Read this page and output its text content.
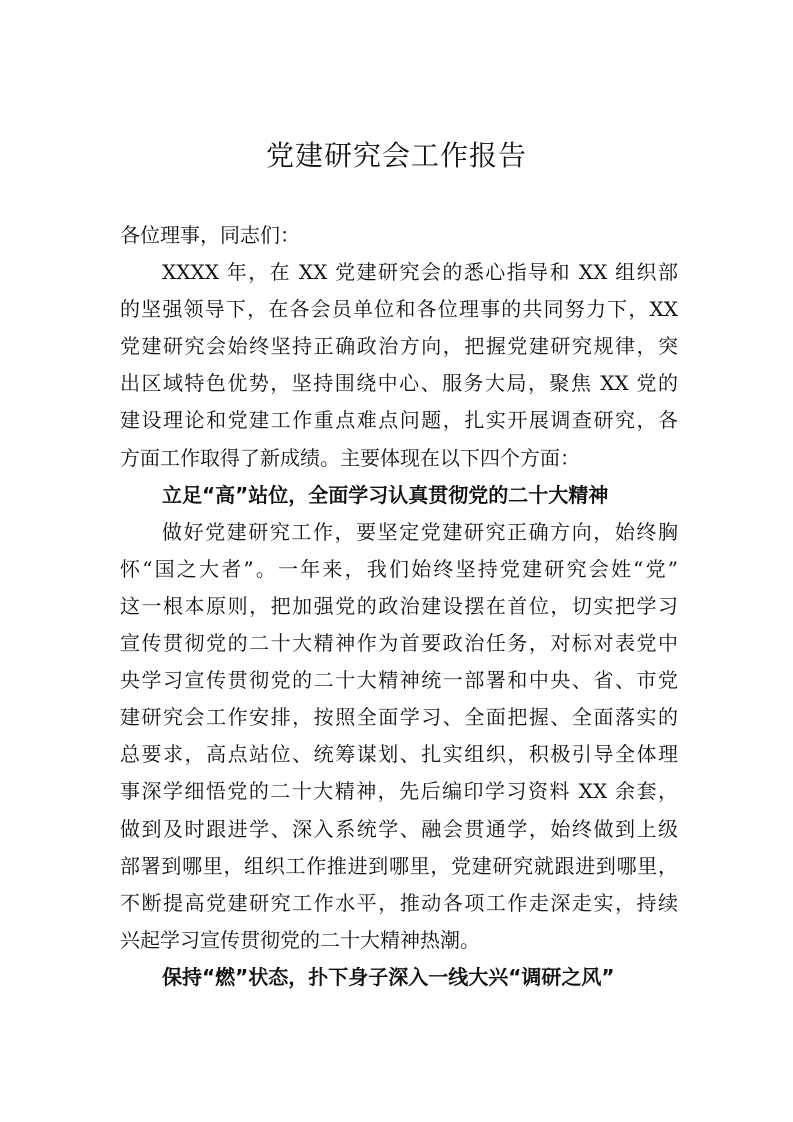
党建研究会工作报告
各位理事，同志们：
XXXX 年，在 XX 党建研究会的悉心指导和 XX 组织部
的坚强领导下，在各会员单位和各位理事的共同努力下，XX
党建研究会始终坚持正确政治方向，把握党建研究规律，突
出区域特色优势，坚持围绕中心、服务大局，聚焦 XX 党的
建设理论和党建工作重点难点问题，扎实开展调查研究，各
方面工作取得了新成绩。主要体现在以下四个方面：
立足“高”站位，全面学习认真贯彻党的二十大精神
做好党建研究工作，要坚定党建研究正确方向，始终胸
怀“国之大者”。一年来，我们始终坚持党建研究会姓“党”
这一根本原则，把加强党的政治建设摆在首位，切实把学习
宣传贯彻党的二十大精神作为首要政治任务，对标对表党中
央学习宣传贯彻党的二十大精神统一部署和中央、省、市党
建研究会工作安排，按照全面学习、全面把握、全面落实的
总要求，高点站位、统筹谋划、扎实组织，积极引导全体理
事深学细悟党的二十大精神，先后编印学习资料 XX 余套，
做到及时跟进学、深入系统学、融会贯通学，始终做到上级
部署到哪里，组织工作推进到哪里，党建研究就跟进到哪里，
不断提高党建研究工作水平，推动各项工作走深走实，持续
兴起学习宣传贯彻党的二十大精神热潮。
保持“燃”状态，扑下身子深入一线大兴“调研之风”
